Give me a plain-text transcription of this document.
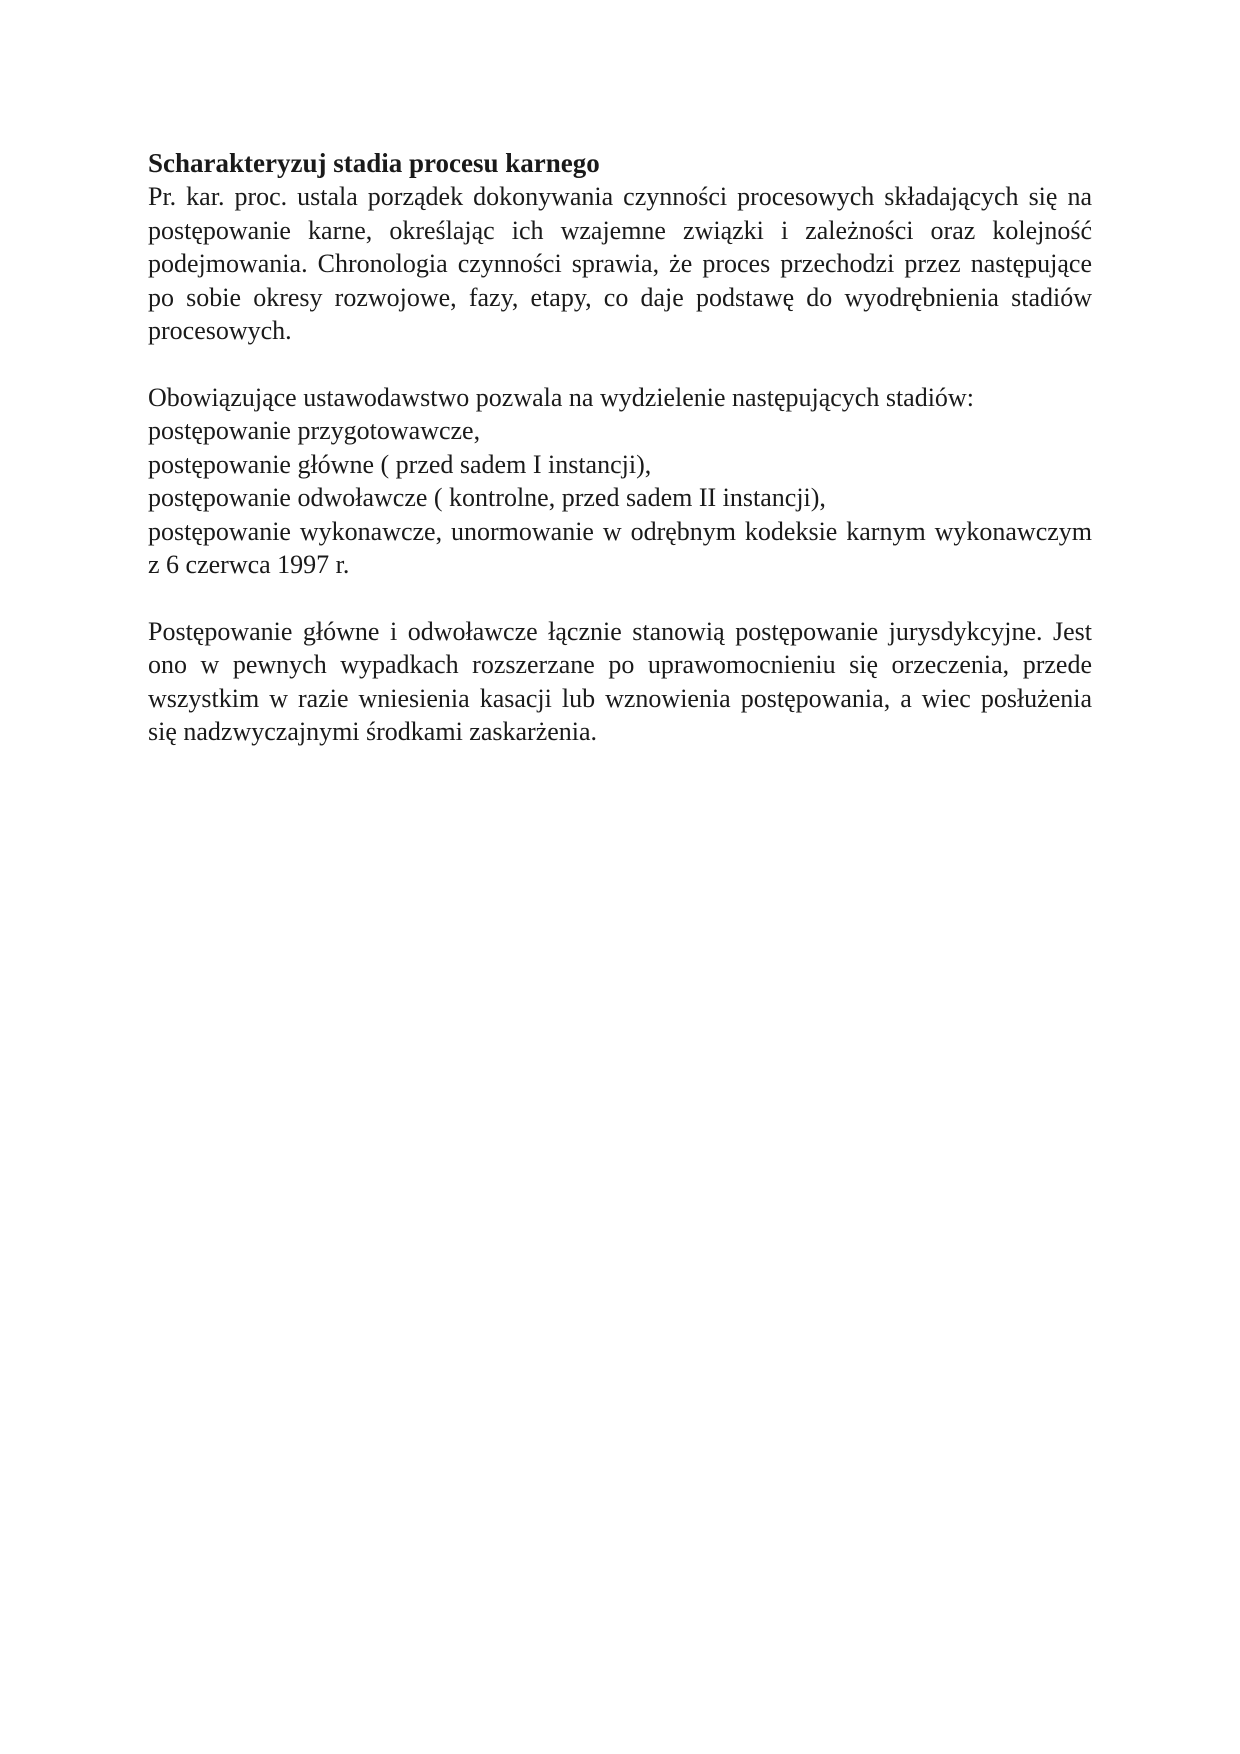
Scharakteryzuj stadia procesu karnego

Pr. kar. proc. ustala porządek dokonywania czynności procesowych składających się na postępowanie karne, określając ich wzajemne związki i zależności oraz kolejność podejmowania. Chronologia czynności sprawia, że proces przechodzi przez następujące po sobie okresy rozwojowe, fazy, etapy, co daje podstawę do wyodrębnienia stadiów procesowych.

Obowiązujące ustawodawstwo pozwala na wydzielenie następujących stadiów:

postępowanie przygotowawcze,
postępowanie główne ( przed sadem I instancji),
postępowanie odwoławcze ( kontrolne, przed sadem II instancji),
postępowanie wykonawcze, unormowanie w odrębnym kodeksie karnym wykonawczym z 6 czerwca 1997 r.

Postępowanie główne i odwoławcze łącznie stanowią postępowanie jurysdykcyjne. Jest ono w pewnych wypadkach rozszerzane po uprawomocnieniu się orzeczenia, przede wszystkim w razie wniesienia kasacji lub wznowienia postępowania, a wiec posłużenia się nadzwyczajnymi środkami zaskarżenia.
